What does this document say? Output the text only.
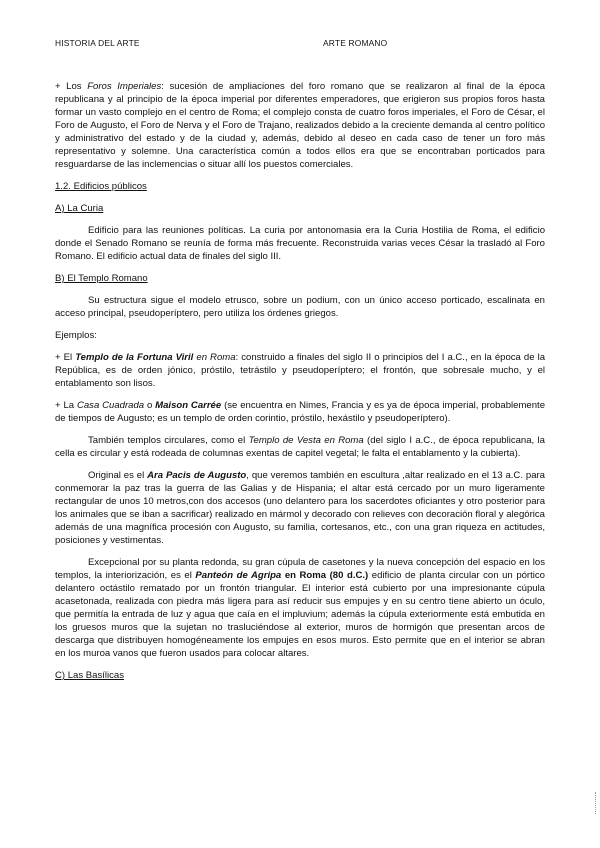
HISTORIA DEL ARTE	ARTE ROMANO

+ Los Foros Imperiales: sucesión de ampliaciones del foro romano que se realizaron al final de la época republicana y al principio de la época imperial por diferentes emperadores, que erigieron sus propios foros hasta formar un vasto complejo en el centro de Roma; el complejo consta de cuatro foros imperiales, el Foro de César, el Foro de Augusto, el Foro de Nerva y el Foro de Trajano, realizados debido a la creciente demanda al centro político y administrativo del estado y de la ciudad y, además, debido al deseo en cada caso de tener un foro más representativo y solemne. Una característica común a todos ellos era que se encontraban porticados para resguardarse de las inclemencias o situar allí los puestos comerciales.

1.2. Edificios públicos

A) La Curia

Edificio para las reuniones políticas. La curia por antonomasia era la Curia Hostilia de Roma, el edificio donde el Senado Romano se reunía de forma más frecuente. Reconstruida varias veces César la trasladó al Foro Romano. El edificio actual data de finales del siglo III.

B) El Templo Romano

Su estructura sigue el modelo etrusco, sobre un podium, con un único acceso porticado, escalinata en acceso principal, pseudoperíptero, pero utiliza los órdenes griegos.

Ejemplos:

+ El Templo de la Fortuna Viril en Roma: construido a finales del siglo II o principios del I a.C., en la época de la República, es de orden jónico, próstilo, tetrástilo y pseudoperíptero; el frontón, que sobresale mucho, y el entablamento son lisos.

+ La Casa Cuadrada o Maison Carrée (se encuentra en Nimes, Francia y es ya de época imperial, probablemente de tiempos de Augusto; es un templo de orden corintio, próstilo, hexástilo y pseudoperíptero).

También templos circulares, como el Templo de Vesta en Roma (del siglo I a.C., de época republicana, la cella es circular y está rodeada de columnas exentas de capitel vegetal; le falta el entablamento y la cubierta).

Original es el Ara Pacis de Augusto, que veremos también en escultura ,altar realizado en el 13 a.C. para conmemorar la paz tras la guerra de las Galias y de Hispania; el altar está cercado por un muro ligeramente rectangular de unos 10 metros,con dos accesos (uno delantero para los sacerdotes oficiantes y otro posterior para los animales que se iban a sacrificar) realizado en mármol y decorado con relieves con decoración floral y alegórica además de una magnífica procesión con Augusto, su familia, cortesanos, etc., con una gran riqueza en actitudes, posiciones y vestimentas.

Excepcional por su planta redonda, su gran cúpula de casetones y la nueva concepción del espacio en los templos, la interiorización, es el Panteón de Agripa en Roma (80 d.C.) edificio de planta circular con un pórtico delantero octástilo rematado por un frontón triangular. El interior está cubierto por una impresionante cúpula acasetonada, realizada con piedra más ligera para así reducir sus empujes y en su centro tiene abierto un óculo, que permitía la entrada de luz y agua que caía en el impluvium; además la cúpula exteriormente está embutida en los gruesos muros que la sujetan no trasluciéndose al exterior, muros de hormigón que presentan arcos de descarga que distribuyen homogéneamente los empujes en esos muros. Esto permite que en el interior se abran en los muroa vanos que fueron usados para colocar altares.

C) Las Basílicas
